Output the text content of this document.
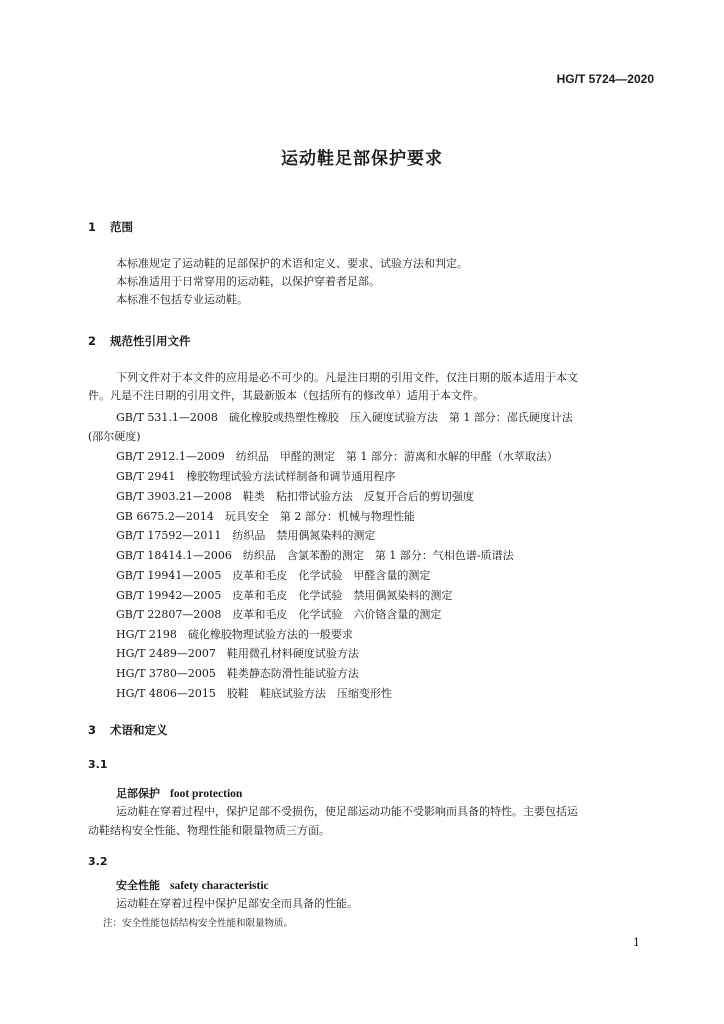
HG/T 5724—2020
运动鞋足部保护要求
1 范围
本标准规定了运动鞋的足部保护的术语和定义、要求、试验方法和判定。
本标准适用于日常穿用的运动鞋，以保护穿着者足部。
本标准不包括专业运动鞋。
2 规范性引用文件
下列文件对于本文件的应用是必不可少的。凡是注日期的引用文件，仅注日期的版本适用于本文
件。凡是不注日期的引用文件，其最新版本（包括所有的修改单）适用于本文件。
GB/T 531.1—2008　硫化橡胶或热塑性橡胶　压入硬度试验方法　第 1 部分：邵氏硬度计法
(邵尔硬度)
GB/T 2912.1—2009　纺织品　甲醛的测定　第 1 部分：游离和水解的甲醛（水萃取法）
GB/T 2941　橡胶物理试验方法试样制备和调节通用程序
GB/T 3903.21—2008　鞋类　粘扣带试验方法　反复开合后的剪切强度
GB 6675.2—2014　玩具安全　第 2 部分：机械与物理性能
GB/T 17592—2011　纺织品　禁用偶氮染料的测定
GB/T 18414.1—2006　纺织品　含氯苯酚的测定　第 1 部分：气相色谱-质谱法
GB/T 19941—2005　皮革和毛皮　化学试验　甲醛含量的测定
GB/T 19942—2005　皮革和毛皮　化学试验　禁用偶氮染料的测定
GB/T 22807—2008　皮革和毛皮　化学试验　六价铬含量的测定
HG/T 2198　硫化橡胶物理试验方法的一般要求
HG/T 2489—2007　鞋用微孔材料硬度试验方法
HG/T 3780—2005　鞋类静态防滑性能试验方法
HG/T 4806—2015　胶鞋　鞋底试验方法　压缩变形性
3 术语和定义
3.1
足部保护 foot protection
运动鞋在穿着过程中，保护足部不受损伤，使足部运动功能不受影响而具备的特性。主要包括运
动鞋结构安全性能、物理性能和限量物质三方面。
3.2
安全性能 safety characteristic
运动鞋在穿着过程中保护足部安全而具备的性能。
注：安全性能包括结构安全性能和限量物质。
1
